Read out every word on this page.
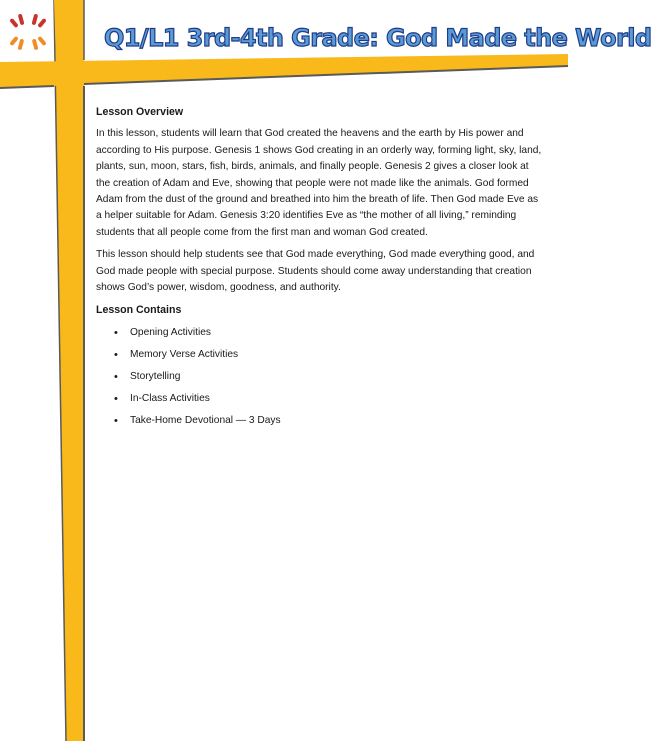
Q1/L1 3rd-4th Grade: God Made the World
Lesson Overview

In this lesson, students will learn that God created the heavens and the earth by His power and according to His purpose. Genesis 1 shows God creating in an orderly way, forming light, sky, land, plants, sun, moon, stars, fish, birds, animals, and finally people. Genesis 2 gives a closer look at the creation of Adam and Eve, showing that people were not made like the animals. God formed Adam from the dust of the ground and breathed into him the breath of life. Then God made Eve as a helper suitable for Adam. Genesis 3:20 identifies Eve as “the mother of all living,” reminding students that all people come from the first man and woman God created.

This lesson should help students see that God made everything, God made everything good, and God made people with special purpose. Students should come away understanding that creation shows God’s power, wisdom, goodness, and authority.

Lesson Contains
• Opening Activities
• Memory Verse Activities
• Storytelling
• In-Class Activities
• Take-Home Devotional — 3 Days
